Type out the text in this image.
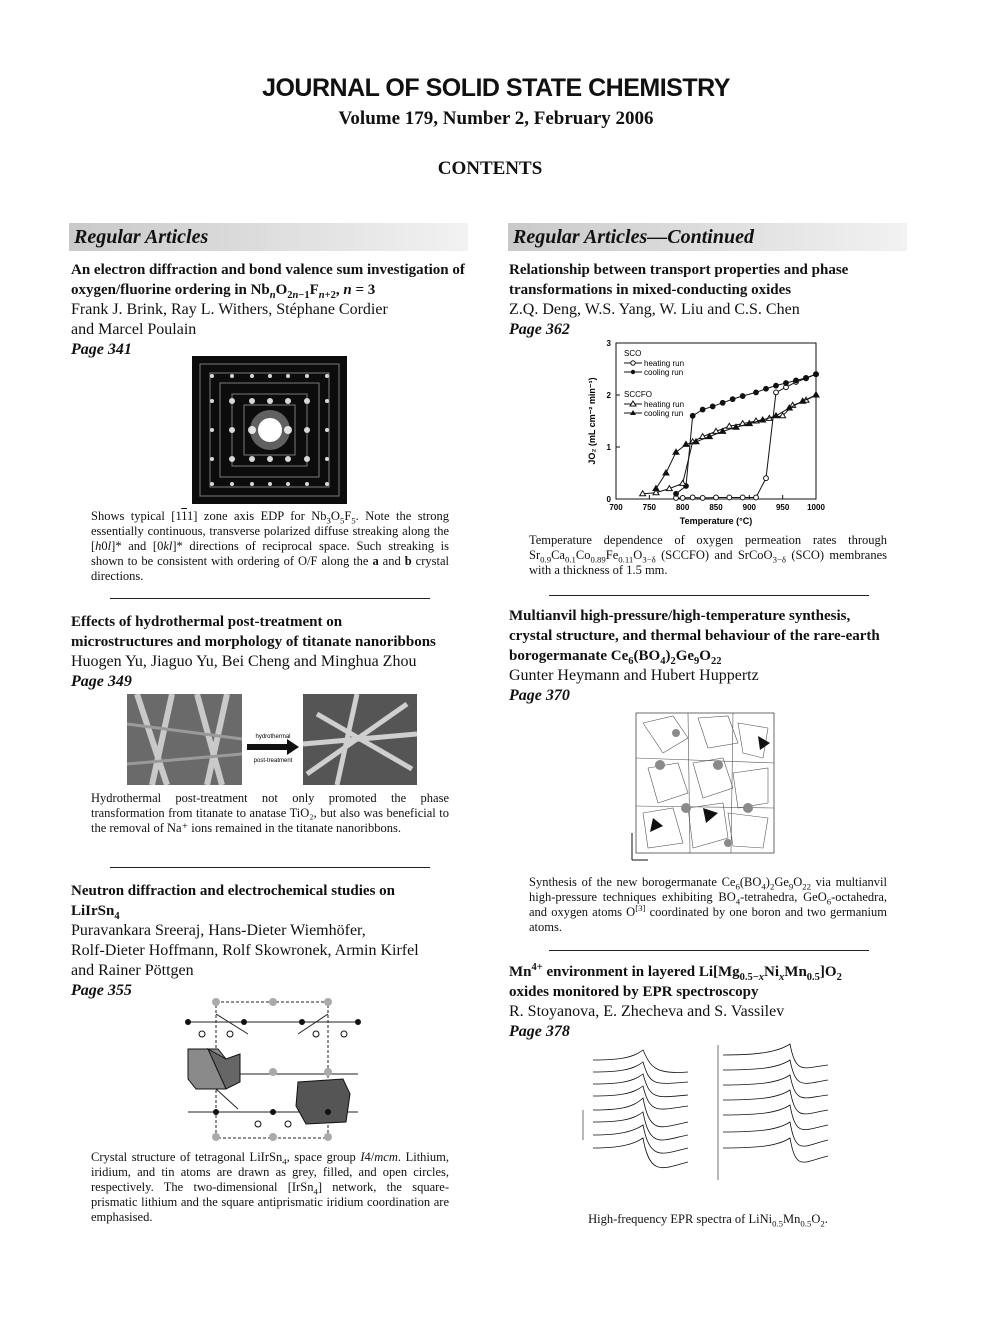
JOURNAL OF SOLID STATE CHEMISTRY
Volume 179, Number 2, February 2006
CONTENTS
Regular Articles	Regular Articles—Continued
An electron diffraction and bond valence sum investigation of oxygen/fluorine ordering in $Nb_nO_{2n-1}F_{n+2}$, n = 3
Frank J. Brink, Ray L. Withers, Stéphane Cordier
and Marcel Poulain
Page 341
Shows typical [111] zone axis EDP for $Nb_3O_5F_5$. Note the strong essentially continuous, transverse polarized diffuse streaking along the [h0l]* and [0kl]* directions of reciprocal space. Such streaking is shown to be consistent with ordering of O/F along the a and b crystal directions.
Effects of hydrothermal post-treatment on
microstructures and morphology of titanate nanoribbons
Huogen Yu, Jiaguo Yu, Bei Cheng and Minghua Zhou
Page 349
hydrothermal
post-treatment
Hydrothermal post-treatment not only promoted the phase transformation from titanate to anatase TiO₂, but also was beneficial to the removal of Na⁺ ions remained in the titanate nanoribbons.
Neutron diffraction and electrochemical studies on
LiIrSn$_4$
Puravankara Sreeraj, Hans-Dieter Wiemhöfer,
Rolf-Dieter Hoffmann, Rolf Skowronek, Armin Kirfel
and Rainer Pöttgen
Page 355
Crystal structure of tetragonal LiIrSn$_4$, space group I4/mcm. Lithium, iridium, and tin atoms are drawn as grey, filled, and open circles, respectively. The two-dimensional [IrSn$_4$] network, the square-prismatic lithium and the square antiprismatic iridium coordination are emphasised.
Relationship between transport properties and phase
transformations in mixed-conducting oxides
Z.Q. Deng, W.S. Yang, W. Liu and C.S. Chen
Page 362
700 750 800 850 900 950 1000
0
1
2
3
SCO
heating run
cooling run
SCCFO
heating run
cooling run
Temperature (°C)
JO₂ (mL cm⁻² min⁻¹)
Temperature dependence of oxygen permeation rates through $Sr_{0.9}Ca_{0.1}Co_{0.89}Fe_{0.11}O_{3-\delta}$ (SCCFO) and SrCoO$_{3-\delta}$ (SCO) membranes with a thickness of 1.5 mm.
Multianvil high-pressure/high-temperature synthesis,
crystal structure, and thermal behaviour of the rare-earth
borogermanate $Ce_6(BO_4)_2Ge_9O_{22}$
Gunter Heymann and Hubert Huppertz
Page 370
Synthesis of the new borogermanate $Ce_6(BO_4)_2Ge_9O_{22}$ via multianvil high-pressure techniques exhibiting $BO_4$-tetrahedra, GeO$_6$-octahedra, and oxygen atoms O[3] coordinated by one boron and two germanium atoms.
$Mn^{4+}$ environment in layered $Li[Mg_{0.5-x}Ni_xMn_{0.5}]O_2$
oxides monitored by EPR spectroscopy
R. Stoyanova, E. Zhecheva and S. Vassilev
Page 378
High-frequency EPR spectra of $LiNi_{0.5}Mn_{0.5}O_2$.
